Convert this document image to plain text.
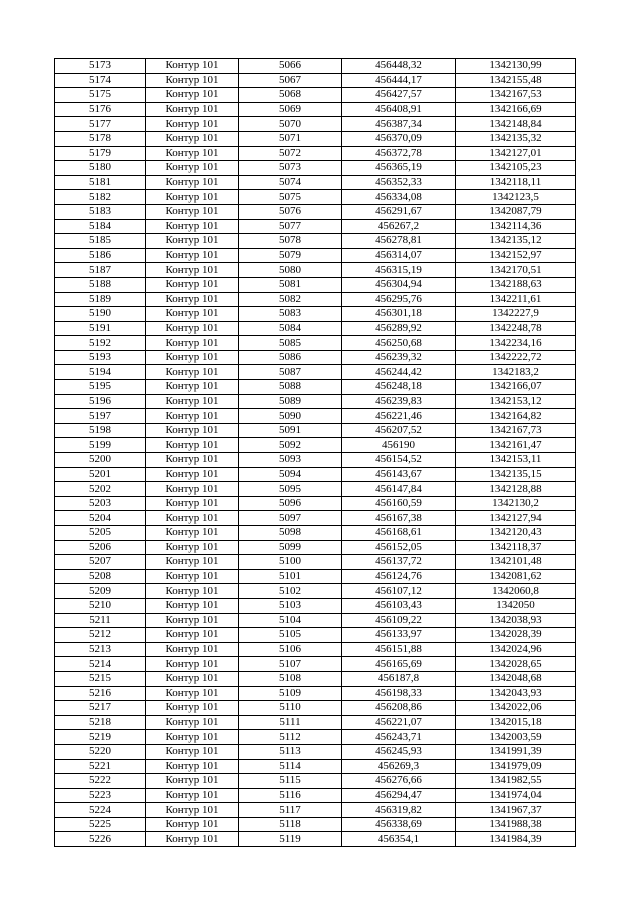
5173	Контур 101	5066	456448,32	1342130,99
5174	Контур 101	5067	456444,17	1342155,48
5175	Контур 101	5068	456427,57	1342167,53
5176	Контур 101	5069	456408,91	1342166,69
5177	Контур 101	5070	456387,34	1342148,84
5178	Контур 101	5071	456370,09	1342135,32
5179	Контур 101	5072	456372,78	1342127,01
5180	Контур 101	5073	456365,19	1342105,23
5181	Контур 101	5074	456352,33	1342118,11
5182	Контур 101	5075	456334,08	1342123,5
5183	Контур 101	5076	456291,67	1342087,79
5184	Контур 101	5077	456267,2	1342114,36
5185	Контур 101	5078	456278,81	1342135,12
5186	Контур 101	5079	456314,07	1342152,97
5187	Контур 101	5080	456315,19	1342170,51
5188	Контур 101	5081	456304,94	1342188,63
5189	Контур 101	5082	456295,76	1342211,61
5190	Контур 101	5083	456301,18	1342227,9
5191	Контур 101	5084	456289,92	1342248,78
5192	Контур 101	5085	456250,68	1342234,16
5193	Контур 101	5086	456239,32	1342222,72
5194	Контур 101	5087	456244,42	1342183,2
5195	Контур 101	5088	456248,18	1342166,07
5196	Контур 101	5089	456239,83	1342153,12
5197	Контур 101	5090	456221,46	1342164,82
5198	Контур 101	5091	456207,52	1342167,73
5199	Контур 101	5092	456190	1342161,47
5200	Контур 101	5093	456154,52	1342153,11
5201	Контур 101	5094	456143,67	1342135,15
5202	Контур 101	5095	456147,84	1342128,88
5203	Контур 101	5096	456160,59	1342130,2
5204	Контур 101	5097	456167,38	1342127,94
5205	Контур 101	5098	456168,61	1342120,43
5206	Контур 101	5099	456152,05	1342118,37
5207	Контур 101	5100	456137,72	1342101,48
5208	Контур 101	5101	456124,76	1342081,62
5209	Контур 101	5102	456107,12	1342060,8
5210	Контур 101	5103	456103,43	1342050
5211	Контур 101	5104	456109,22	1342038,93
5212	Контур 101	5105	456133,97	1342028,39
5213	Контур 101	5106	456151,88	1342024,96
5214	Контур 101	5107	456165,69	1342028,65
5215	Контур 101	5108	456187,8	1342048,68
5216	Контур 101	5109	456198,33	1342043,93
5217	Контур 101	5110	456208,86	1342022,06
5218	Контур 101	5111	456221,07	1342015,18
5219	Контур 101	5112	456243,71	1342003,59
5220	Контур 101	5113	456245,93	1341991,39
5221	Контур 101	5114	456269,3	1341979,09
5222	Контур 101	5115	456276,66	1341982,55
5223	Контур 101	5116	456294,47	1341974,04
5224	Контур 101	5117	456319,82	1341967,37
5225	Контур 101	5118	456338,69	1341988,38
5226	Контур 101	5119	456354,1	1341984,39
